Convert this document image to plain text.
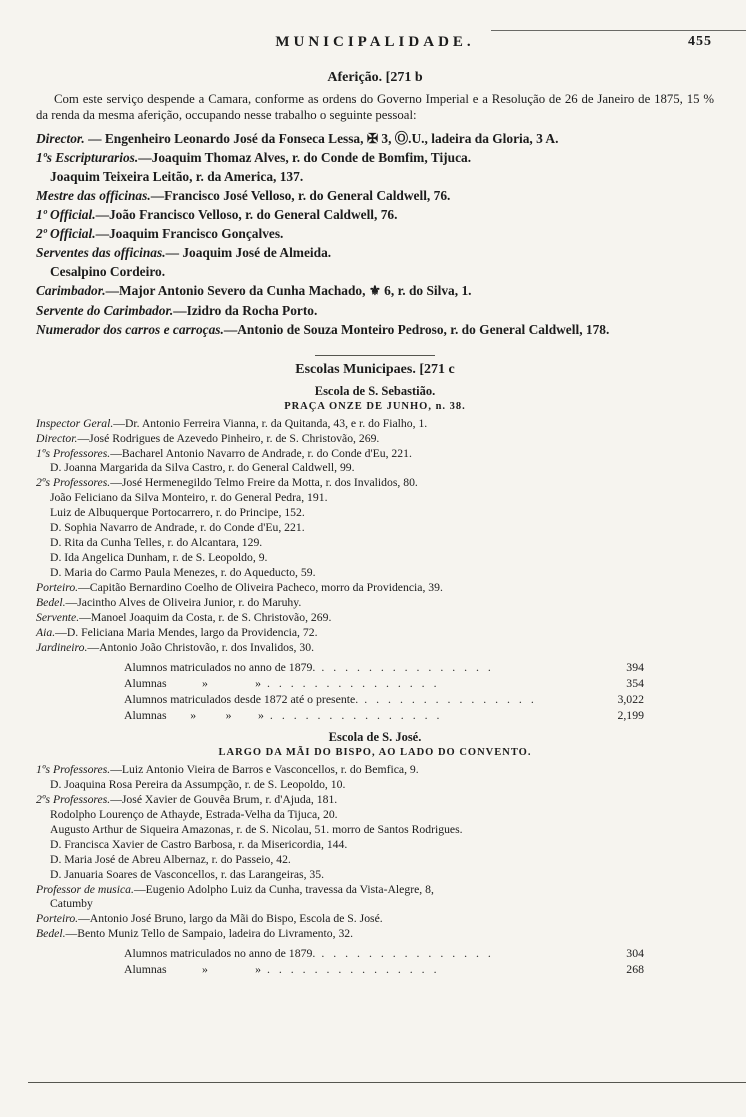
MUNICIPALIDADE.	455
Aferição. [271 b

Com este serviço despende a Camara, conforme as ordens do Governo Imperial e a Resolução de 26 de Janeiro de 1875, 15 % da renda da mesma aferição, occupando nesse trabalho o seguinte pessoal:

Director. — Engenheiro Leonardo José da Fonseca Lessa, ✠ 3, Ⓞ.U., ladeira da Gloria, 3 A.

1ºs Escripturarios.—Joaquim Thomaz Alves, r. do Conde de Bomfim, Tijuca.

Joaquim Teixeira Leitão, r. da America, 137.

Mestre das officinas.—Francisco José Velloso, r. do General Caldwell, 76.

1º Official.—João Francisco Velloso, r. do General Caldwell, 76.

2º Official.—Joaquim Francisco Gonçalves.

Serventes das officinas.— Joaquim José de Almeida.

Cesalpino Cordeiro.

Carimbador.—Major Antonio Severo da Cunha Machado, ⚜ 6, r. do Silva, 1.

Servente do Carimbador.—Izidro da Rocha Porto.

Numerador dos carros e carroças.—Antonio de Souza Monteiro Pedroso, r. do General Caldwell, 178.

Escolas Municipaes. [271 c
Escola de S. Sebastião.
PRAÇA ONZE DE JUNHO, n. 38.

Inspector Geral.—Dr. Antonio Ferreira Vianna, r. da Quitanda, 43, e r. do Fialho, 1.

Director.—José Rodrigues de Azevedo Pinheiro, r. de S. Christovão, 269.

1ºs Professores.—Bacharel Antonio Navarro de Andrade, r. do Conde d'Eu, 221.

D. Joanna Margarida da Silva Castro, r. do General Caldwell, 99.

2ºs Professores.—José Hermenegildo Telmo Freire da Motta, r. dos Invalidos, 80.

João Feliciano da Silva Monteiro, r. do General Pedra, 191.

Luiz de Albuquerque Portocarrero, r. do Principe, 152.

D. Sophia Navarro de Andrade, r. do Conde d'Eu, 221.

D. Rita da Cunha Telles, r. do Alcantara, 129.

D. Ida Angelica Dunham, r. de S. Leopoldo, 9.

D. Maria do Carmo Paula Menezes, r. do Aqueducto, 59.

Porteiro.—Capitão Bernardino Coelho de Oliveira Pacheco, morro da Providencia, 39.

Bedel.—Jacintho Alves de Oliveira Junior, r. do Maruhy.

Servente.—Manoel Joaquim da Costa, r. de S. Christovão, 269.

Aia.—D. Feliciana Maria Mendes, largo da Providencia, 72.

Jardineiro.—Antonio João Christovão, r. dos Invalidos, 30.

Alumnos matriculados no anno de 1879. . .	394
Alumnas            »                » . .	354
Alumnos matriculados desde 1872 até o presente. . .	3,022
Alumnas        »          »         » . .	2,199
Escola de S. José.
LARGO DA MÃI DO BISPO, AO LADO DO CONVENTO.

1ºs Professores.—Luiz Antonio Vieira de Barros e Vasconcellos, r. do Bemfica, 9.

D. Joaquina Rosa Pereira da Assumpção, r. de S. Leopoldo, 10.

2ºs Professores.—José Xavier de Gouvêa Brum, r. d'Ajuda, 181.

Rodolpho Lourenço de Athayde, Estrada-Velha da Tijuca, 20.

Augusto Arthur de Siqueira Amazonas, r. de S. Nicolau, 51. morro de Santos Rodrigues.

D. Francisca Xavier de Castro Barbosa, r. da Misericordia, 144.

D. Maria José de Abreu Albernaz, r. do Passeio, 42.

D. Januaria Soares de Vasconcellos, r. das Larangeiras, 35.

Professor de musica.—Eugenio Adolpho Luiz da Cunha, travessa da Vista-Alegre, 8,

Catumby

Porteiro.—Antonio José Bruno, largo da Mãi do Bispo, Escola de S. José.

Bedel.—Bento Muniz Tello de Sampaio, ladeira do Livramento, 32.

Alumnos matriculados no anno de 1879. . .	304
Alumnas            »                » . .	268
